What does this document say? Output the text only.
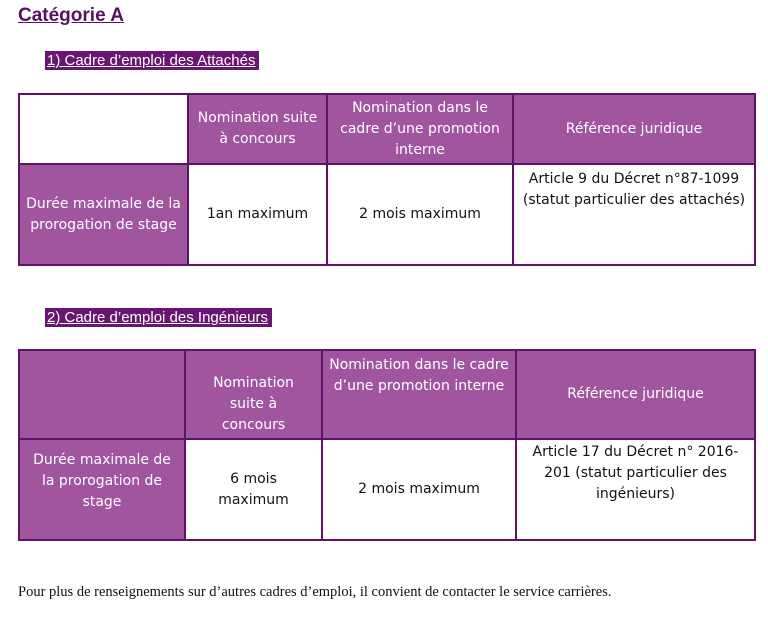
Catégorie A
1) Cadre d’emploi des Attachés
	Nomination suite à concours	Nomination dans le cadre d’une promotion interne	Référence juridique
Durée maximale de la prorogation de stage	1an maximum	2 mois maximum	Article 9 du Décret n°87-1099 (statut particulier des attachés)
2) Cadre d’emploi des Ingénieurs
	Nomination suite à concours	Nomination dans le cadre d’une promotion interne	Référence juridique
Durée maximale de la prorogation de stage	6 mois maximum	2 mois maximum	Article 17 du Décret n° 2016-201 (statut particulier des ingénieurs)
Pour plus de renseignements sur d’autres cadres d’emploi, il convient de contacter le service carrières.
